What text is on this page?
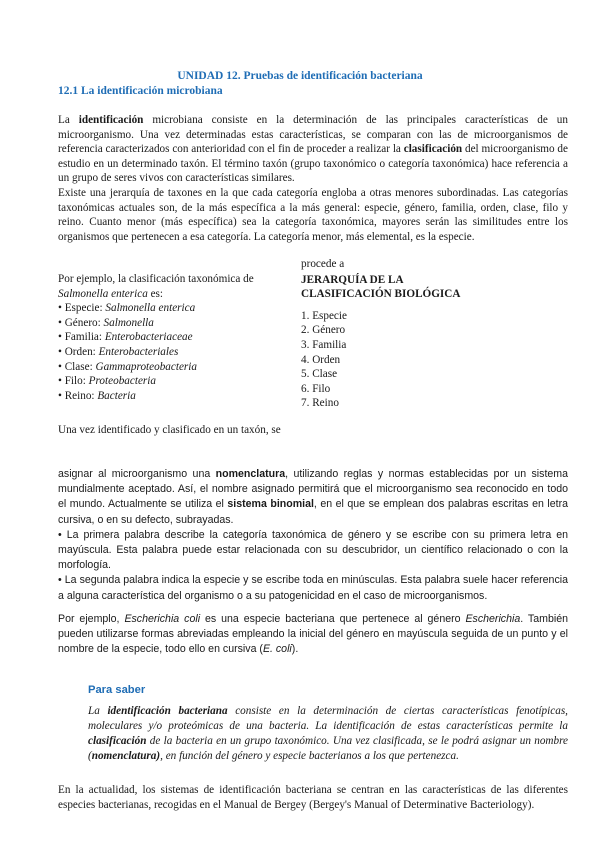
UNIDAD 12. Pruebas de identificación bacteriana
12.1 La identificación microbiana

La identificación microbiana consiste en la determinación de las principales características de un microorganismo. Una vez determinadas estas características, se comparan con las de microorganismos de referencia caracterizados con anterioridad con el fin de proceder a realizar la clasificación del microorganismo de estudio en un determinado taxón. El término taxón (grupo taxonómico o categoría taxonómica) hace referencia a un grupo de seres vivos con características similares.

Existe una jerarquía de taxones en la que cada categoría engloba a otras menores subordinadas. Las categorías taxonómicas actuales son, de la más específica a la más general: especie, género, familia, orden, clase, filo y reino. Cuanto menor (más específica) sea la categoría taxonómica, mayores serán las similitudes entre los organismos que pertenecen a esa categoría. La categoría menor, más elemental, es la especie.

Por ejemplo, la clasificación taxonómica de
Salmonella enterica es:
• Especie: Salmonella enterica
• Género: Salmonella
• Familia: Enterobacteriaceae
• Orden: Enterobacteriales
• Clase: Gammaproteobacteria
• Filo: Proteobacteria
• Reino: Bacteria
procede a
JERARQUÍA DE LA
CLASIFICACIÓN BIOLÓGICA
1. Especie
2. Género
3. Familia
4. Orden
5. Clase
6. Filo
7. Reino
Una vez identificado y clasificado en un taxón, se
asignar al microorganismo una nomenclatura, utilizando reglas y normas establecidas por un sistema mundialmente aceptado. Así, el nombre asignado permitirá que el microorganismo sea reconocido en todo el mundo. Actualmente se utiliza el sistema binomial, en el que se emplean dos palabras escritas en letra cursiva, o en su defecto, subrayadas.
• La primera palabra describe la categoría taxonómica de género y se escribe con su primera letra en mayúscula. Esta palabra puede estar relacionada con su descubridor, un científico relacionado o con la morfología.
• La segunda palabra indica la especie y se escribe toda en minúsculas. Esta palabra suele hacer referencia a alguna característica del organismo o a su patogenicidad en el caso de microorganismos.
Por ejemplo, Escherichia coli es una especie bacteriana que pertenece al género Escherichia. También pueden utilizarse formas abreviadas empleando la inicial del género en mayúscula seguida de un punto y el nombre de la especie, todo ello en cursiva (E. coli).
Para saber
La identificación bacteriana consiste en la determinación de ciertas características fenotípicas, moleculares y/o proteómicas de una bacteria. La identificación de estas características permite la clasificación de la bacteria en un grupo taxonómico. Una vez clasificada, se le podrá asignar un nombre (nomenclatura), en función del género y especie bacterianos a los que pertenezca.
En la actualidad, los sistemas de identificación bacteriana se centran en las características de las diferentes especies bacterianas, recogidas en el Manual de Bergey (Bergey's Manual of Determinative Bacteriology).
